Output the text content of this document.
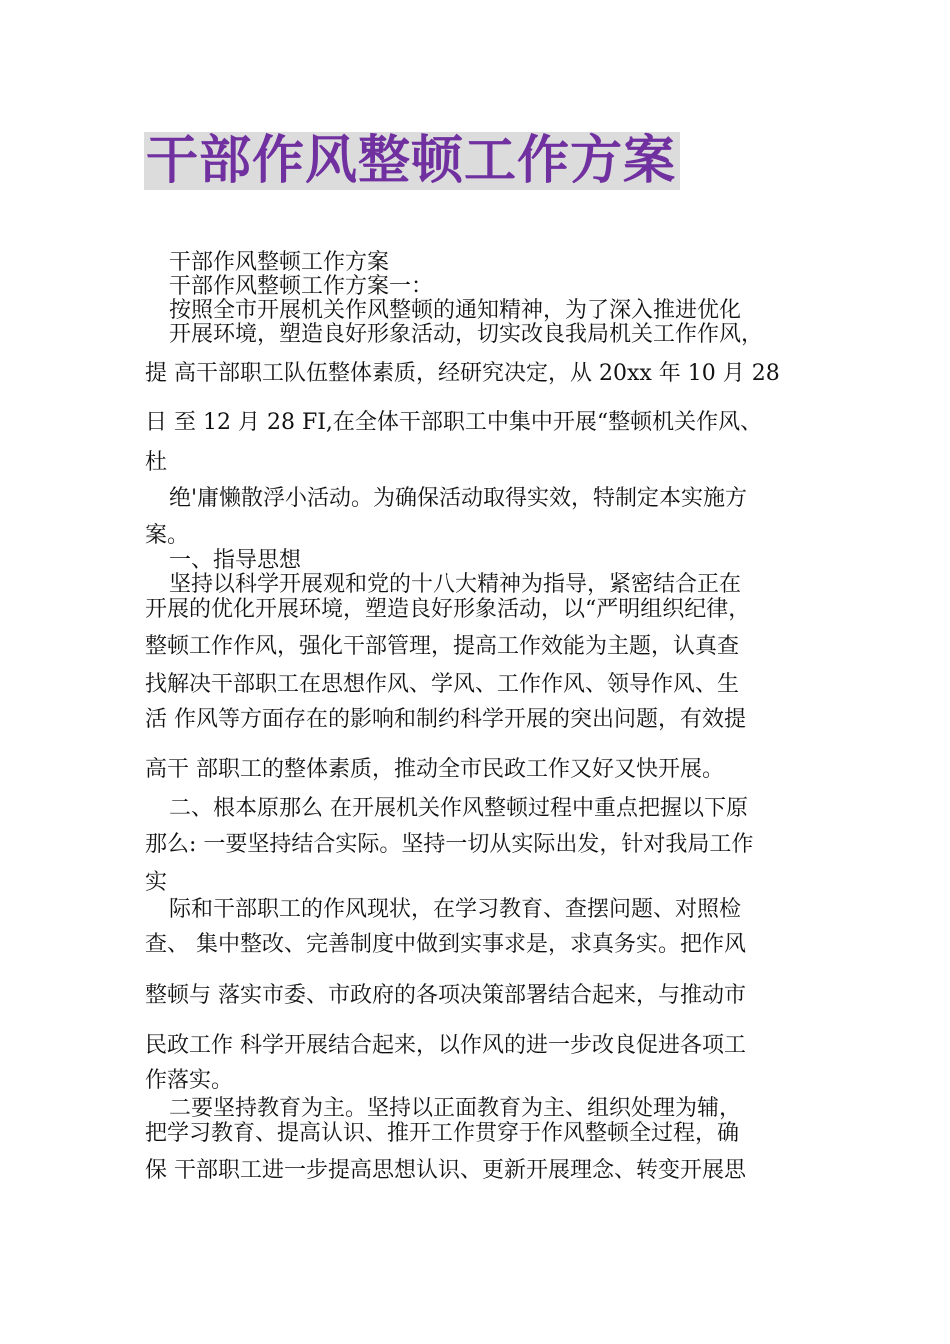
干部作风整顿工作方案
干部作风整顿工作方案
干部作风整顿工作方案一：
按照全市开展机关作风整顿的通知精神，为了深入推进优化
开展环境，塑造良好形象活动，切实改良我局机关工作作风，
提 高干部职工队伍整体素质，经研究决定，从 20xx 年 10 月 28
日 至 12 月 28 FI,在全体干部职工中集中开展“整顿机关作风、
杜
绝'庸懒散浮小活动。为确保活动取得实效，特制定本实施方
案。
一、指导思想
坚持以科学开展观和党的十八大精神为指导，紧密结合正在
开展的优化开展环境，塑造良好形象活动，以“严明组织纪律，
整顿工作作风，强化干部管理，提高工作效能为主题，认真查
找解决干部职工在思想作风、学风、工作作风、领导作风、生
活 作风等方面存在的影响和制约科学开展的突出问题，有效提
高干 部职工的整体素质，推动全市民政工作又好又快开展。
二、根本原那么 在开展机关作风整顿过程中重点把握以下原
那么: 一要坚持结合实际。坚持一切从实际出发，针对我局工作
实
际和干部职工的作风现状，在学习教育、查摆问题、对照检
查、 集中整改、完善制度中做到实事求是，求真务实。把作风
整顿与 落实市委、市政府的各项决策部署结合起来，与推动市
民政工作 科学开展结合起来，以作风的进一步改良促进各项工
作落实。
二要坚持教育为主。坚持以正面教育为主、组织处理为辅，
把学习教育、提高认识、推开工作贯穿于作风整顿全过程，确
保 干部职工进一步提高思想认识、更新开展理念、转变开展思
